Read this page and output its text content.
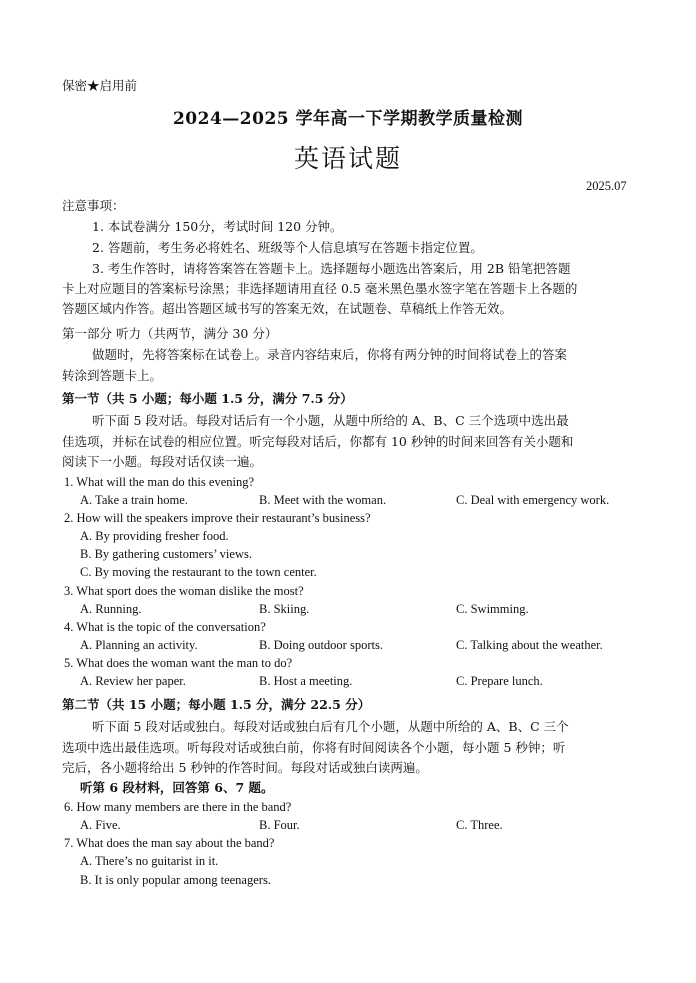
保密★启用前
2024—2025 学年高一下学期教学质量检测
英语试题
2025.07
注意事项：
1. 本试卷满分 150分，考试时间 120 分钟。
2. 答题前，考生务必将姓名、班级等个人信息填写在答题卡指定位置。
3. 考生作答时，请将答案答在答题卡上。选择题每小题选出答案后，用 2B 铅笔把答题
卡上对应题目的答案标号涂黑；非选择题请用直径 0.5 毫米黑色墨水签字笔在答题卡上各题的
答题区域内作答。超出答题区域书写的答案无效，在试题卷、草稿纸上作答无效。
第一部分 听力（共两节，满分 30 分）
做题时，先将答案标在试卷上。录音内容结束后，你将有两分钟的时间将试卷上的答案
转涂到答题卡上。
第一节（共 5 小题；每小题 1.5 分，满分 7.5 分）
听下面 5 段对话。每段对话后有一个小题，从题中所给的 A、B、C 三个选项中选出最
佳选项，并标在试卷的相应位置。听完每段对话后，你都有 10 秒钟的时间来回答有关小题和
阅读下一小题。每段对话仅读一遍。
1. What will the man do this evening?
A. Take a train home.	B. Meet with the woman.	C. Deal with emergency work.
2. How will the speakers improve their restaurant’s business?
A. By providing fresher food.
B. By gathering customers’ views.
C. By moving the restaurant to the town center.
3. What sport does the woman dislike the most?
A. Running.	B. Skiing.	C. Swimming.
4. What is the topic of the conversation?
A. Planning an activity.	B. Doing outdoor sports.	C. Talking about the weather.
5. What does the woman want the man to do?
A. Review her paper.	B. Host a meeting.	C. Prepare lunch.
第二节（共 15 小题；每小题 1.5 分，满分 22.5 分）
听下面 5 段对话或独白。每段对话或独白后有几个小题，从题中所给的 A、B、C 三个
选项中选出最佳选项。听每段对话或独白前，你将有时间阅读各个小题，每小题 5 秒钟；听
完后，各小题将给出 5 秒钟的作答时间。每段对话或独白读两遍。
听第 6 段材料，回答第 6、7 题。
6. How many members are there in the band?
A. Five.	B. Four.	C. Three.
7. What does the man say about the band?
A. There’s no guitarist in it.
B. It is only popular among teenagers.
